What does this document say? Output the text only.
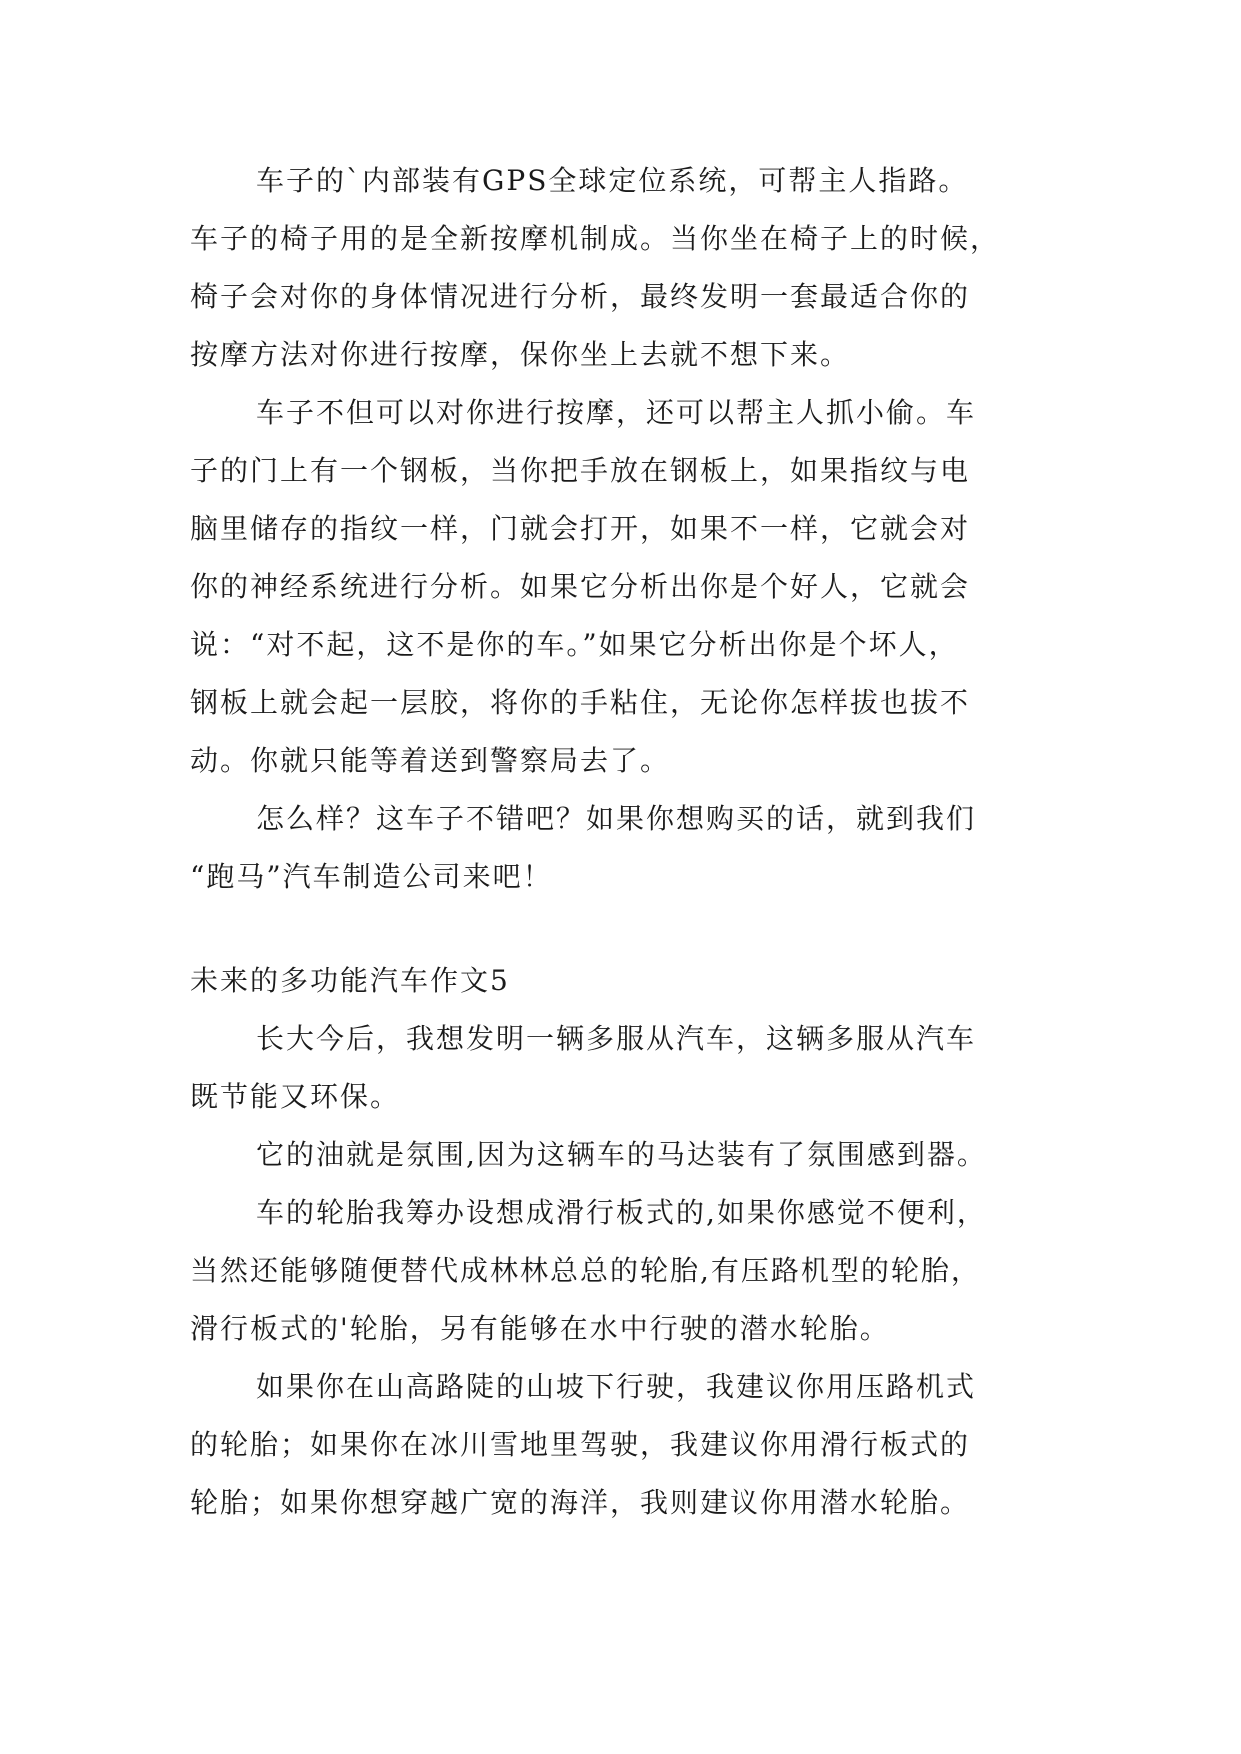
车子的`内部装有GPS全球定位系统，可帮主人指路。
车子的椅子用的是全新按摩机制成。当你坐在椅子上的时候，
椅子会对你的身体情况进行分析，最终发明一套最适合你的
按摩方法对你进行按摩，保你坐上去就不想下来。
车子不但可以对你进行按摩，还可以帮主人抓小偷。车
子的门上有一个钢板，当你把手放在钢板上，如果指纹与电
脑里储存的指纹一样，门就会打开，如果不一样，它就会对
你的神经系统进行分析。如果它分析出你是个好人，它就会
说：“对不起，这不是你的车。”如果它分析出你是个坏人，
钢板上就会起一层胶，将你的手粘住，无论你怎样拔也拔不
动。你就只能等着送到警察局去了。
怎么样？这车子不错吧？如果你想购买的话，就到我们
“跑马”汽车制造公司来吧！
未来的多功能汽车作文5
长大今后，我想发明一辆多服从汽车，这辆多服从汽车
既节能又环保。
它的油就是氛围,因为这辆车的马达装有了氛围感到器。
车的轮胎我筹办设想成滑行板式的,如果你感觉不便利，
当然还能够随便替代成林林总总的轮胎,有压路机型的轮胎，
滑行板式的'轮胎，另有能够在水中行驶的潜水轮胎。
如果你在山高路陡的山坡下行驶，我建议你用压路机式
的轮胎；如果你在冰川雪地里驾驶，我建议你用滑行板式的
轮胎；如果你想穿越广宽的海洋，我则建议你用潜水轮胎。
